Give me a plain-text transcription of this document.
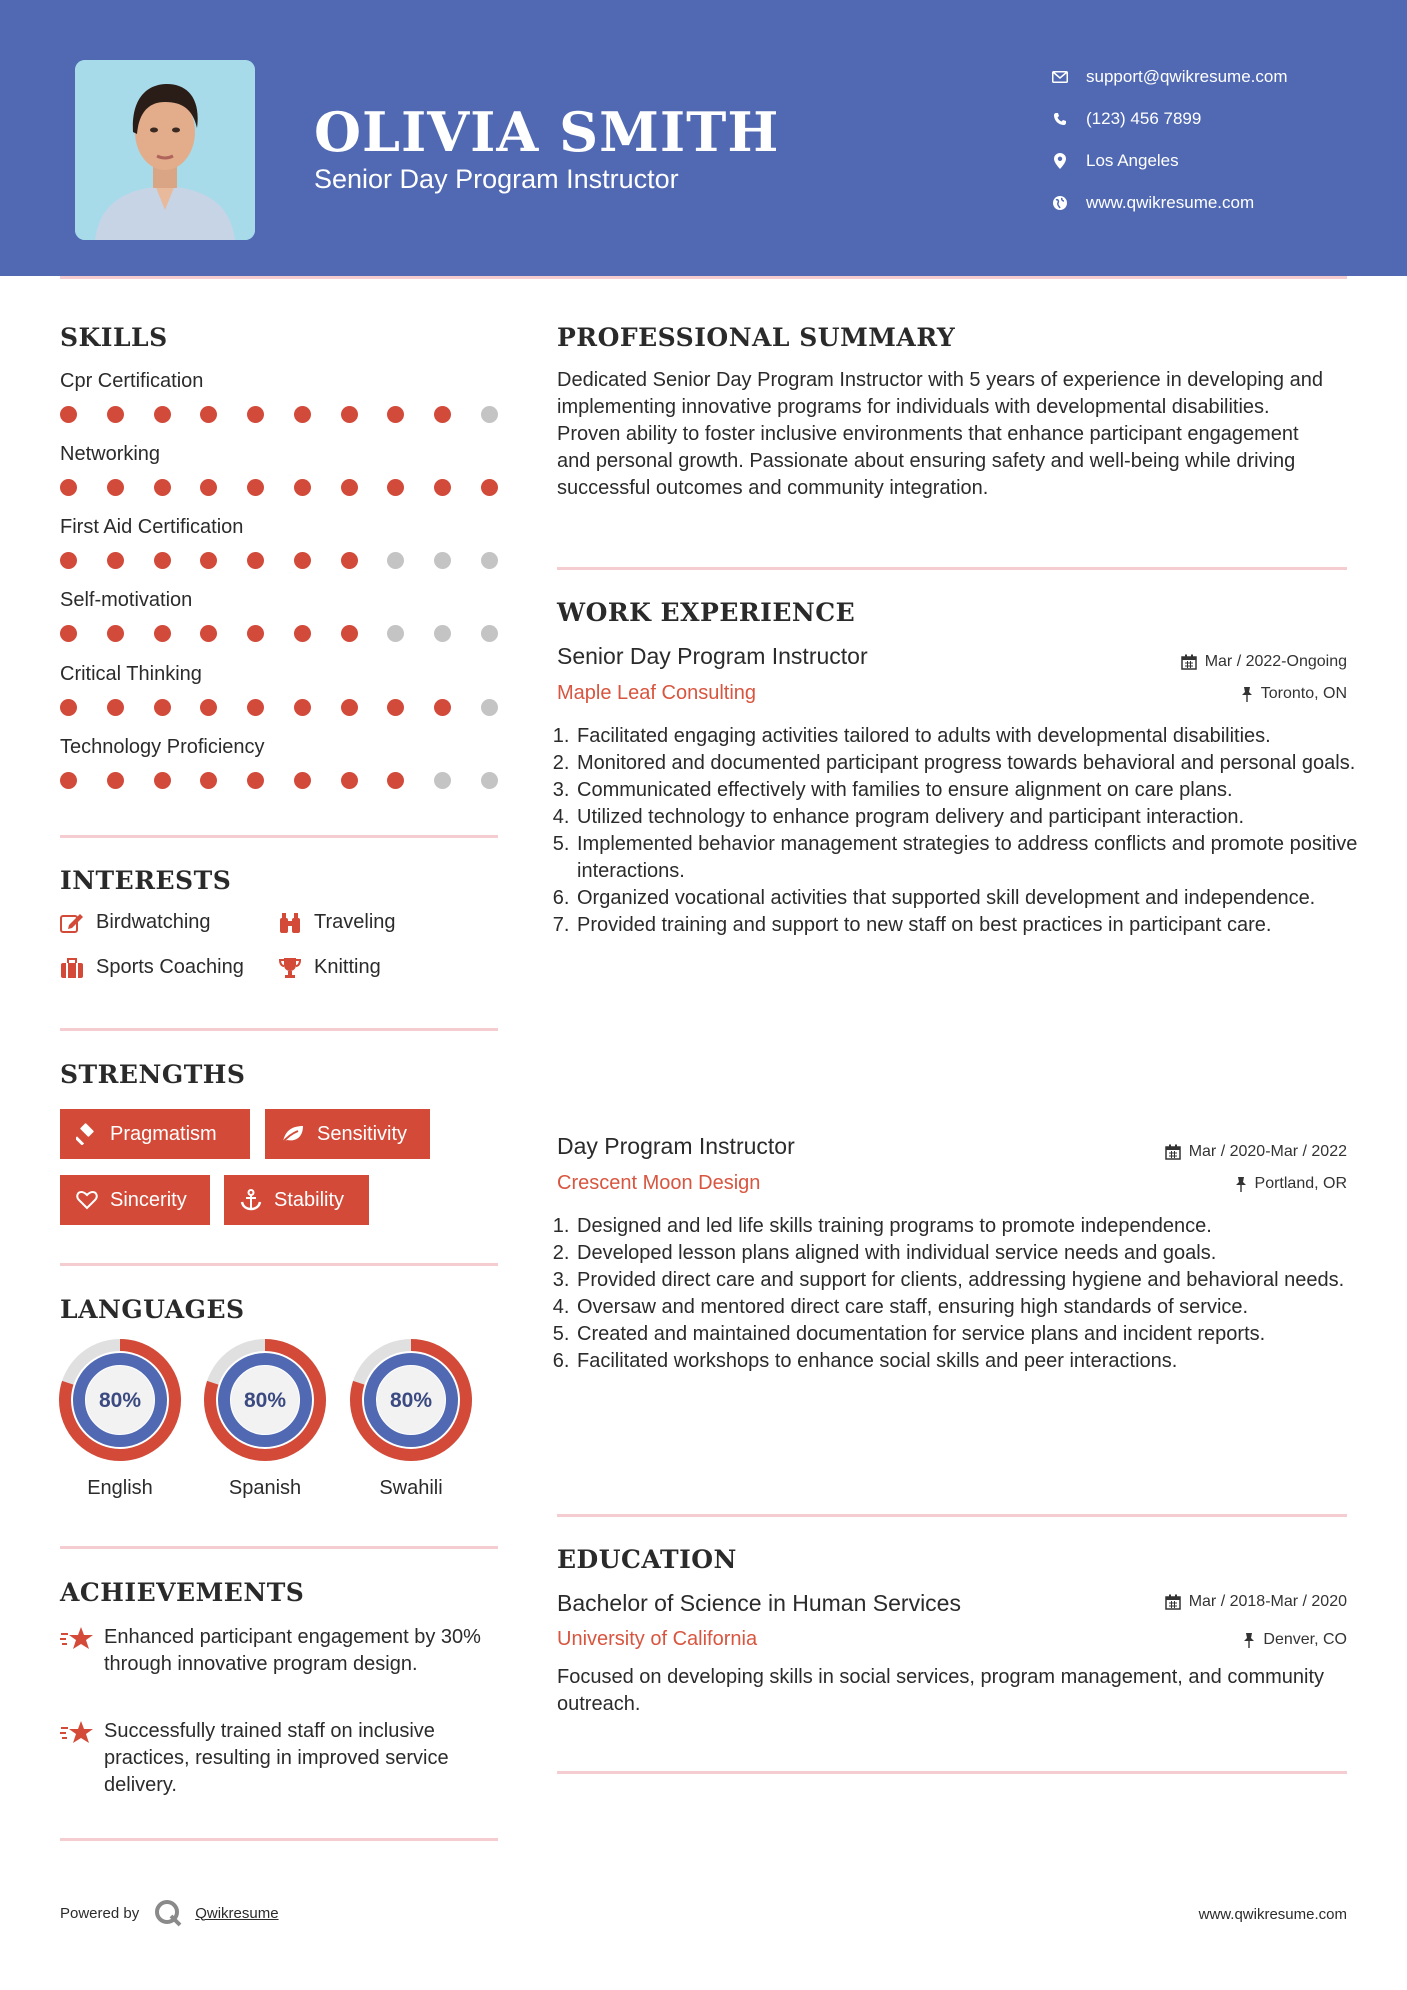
OLIVIA SMITH
Senior Day Program Instructor
support@qwikresume.com
(123) 456 7899
Los Angeles
www.qwikresume.com
SKILLS
Cpr Certification
Networking
First Aid Certification
Self-motivation
Critical Thinking
Technology Proficiency
INTERESTS
Birdwatching	Traveling
Sports Coaching	Knitting
STRENGTHS
Pragmatism	Sensitivity
Sincerity	Stability
LANGUAGES
80%
English
80%
Spanish
80%
Swahili
ACHIEVEMENTS
Enhanced participant engagement by 30% through innovative program design.
Successfully trained staff on inclusive practices, resulting in improved service delivery.
PROFESSIONAL SUMMARY
Dedicated Senior Day Program Instructor with 5 years of experience in developing and implementing innovative programs for individuals with developmental disabilities. Proven ability to foster inclusive environments that enhance participant engagement and personal growth. Passionate about ensuring safety and well-being while driving successful outcomes and community integration.
WORK EXPERIENCE
Senior Day Program Instructor	Mar / 2022-Ongoing
Maple Leaf Consulting	Toronto, ON
1. Facilitated engaging activities tailored to adults with developmental disabilities.
2. Monitored and documented participant progress towards behavioral and personal goals.
3. Communicated effectively with families to ensure alignment on care plans.
4. Utilized technology to enhance program delivery and participant interaction.
5. Implemented behavior management strategies to address conflicts and promote positive interactions.
6. Organized vocational activities that supported skill development and independence.
7. Provided training and support to new staff on best practices in participant care.
Day Program Instructor	Mar / 2020-Mar / 2022
Crescent Moon Design	Portland, OR
1. Designed and led life skills training programs to promote independence.
2. Developed lesson plans aligned with individual service needs and goals.
3. Provided direct care and support for clients, addressing hygiene and behavioral needs.
4. Oversaw and mentored direct care staff, ensuring high standards of service.
5. Created and maintained documentation for service plans and incident reports.
6. Facilitated workshops to enhance social skills and peer interactions.
EDUCATION
Bachelor of Science in Human Services	Mar / 2018-Mar / 2020
University of California	Denver, CO
Focused on developing skills in social services, program management, and community outreach.
Powered by	Qwikresume	www.qwikresume.com
